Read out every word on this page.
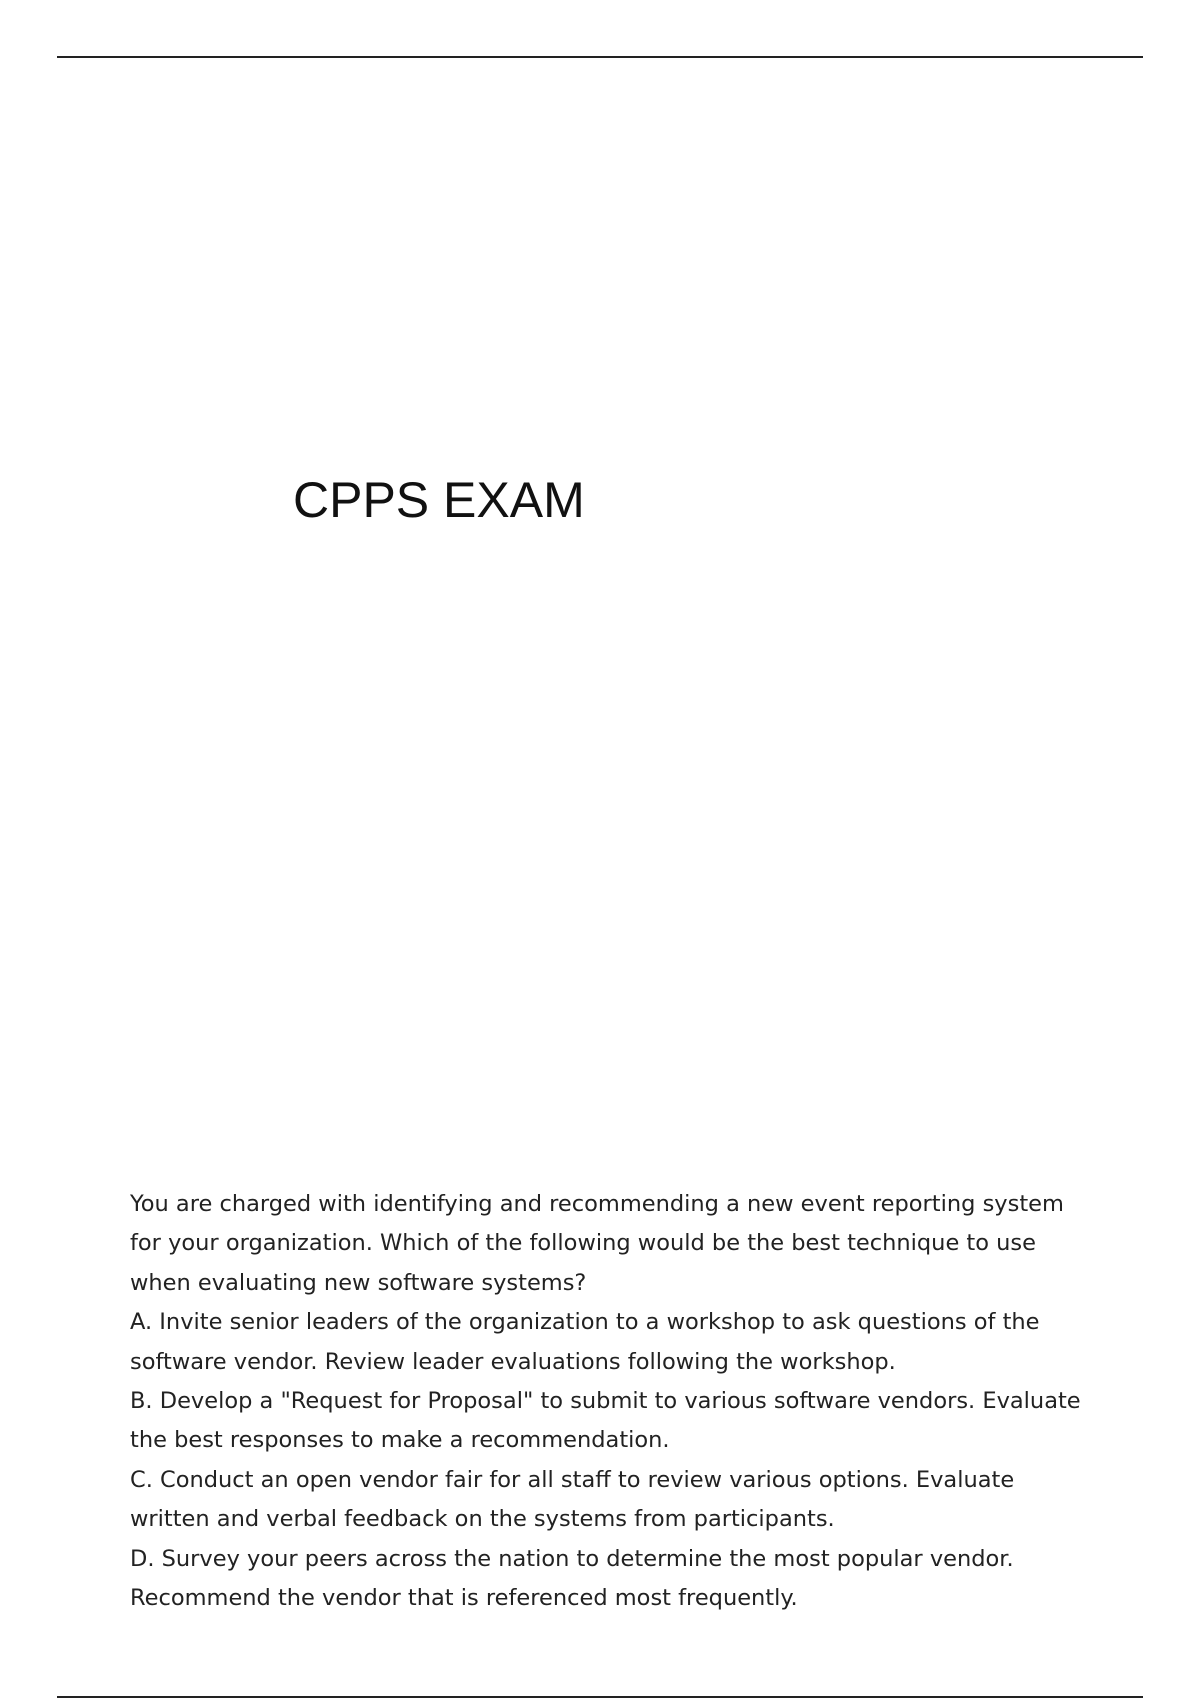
CPPS EXAM

You are charged with identifying and recommending a new event reporting system for your organization. Which of the following would be the best technique to use when evaluating new software systems?

A. Invite senior leaders of the organization to a workshop to ask questions of the software vendor. Review leader evaluations following the workshop.

B. Develop a "Request for Proposal" to submit to various software vendors. Evaluate the best responses to make a recommendation.

C. Conduct an open vendor fair for all staff to review various options. Evaluate written and verbal feedback on the systems from participants.

D. Survey your peers across the nation to determine the most popular vendor. Recommend the vendor that is referenced most frequently.
